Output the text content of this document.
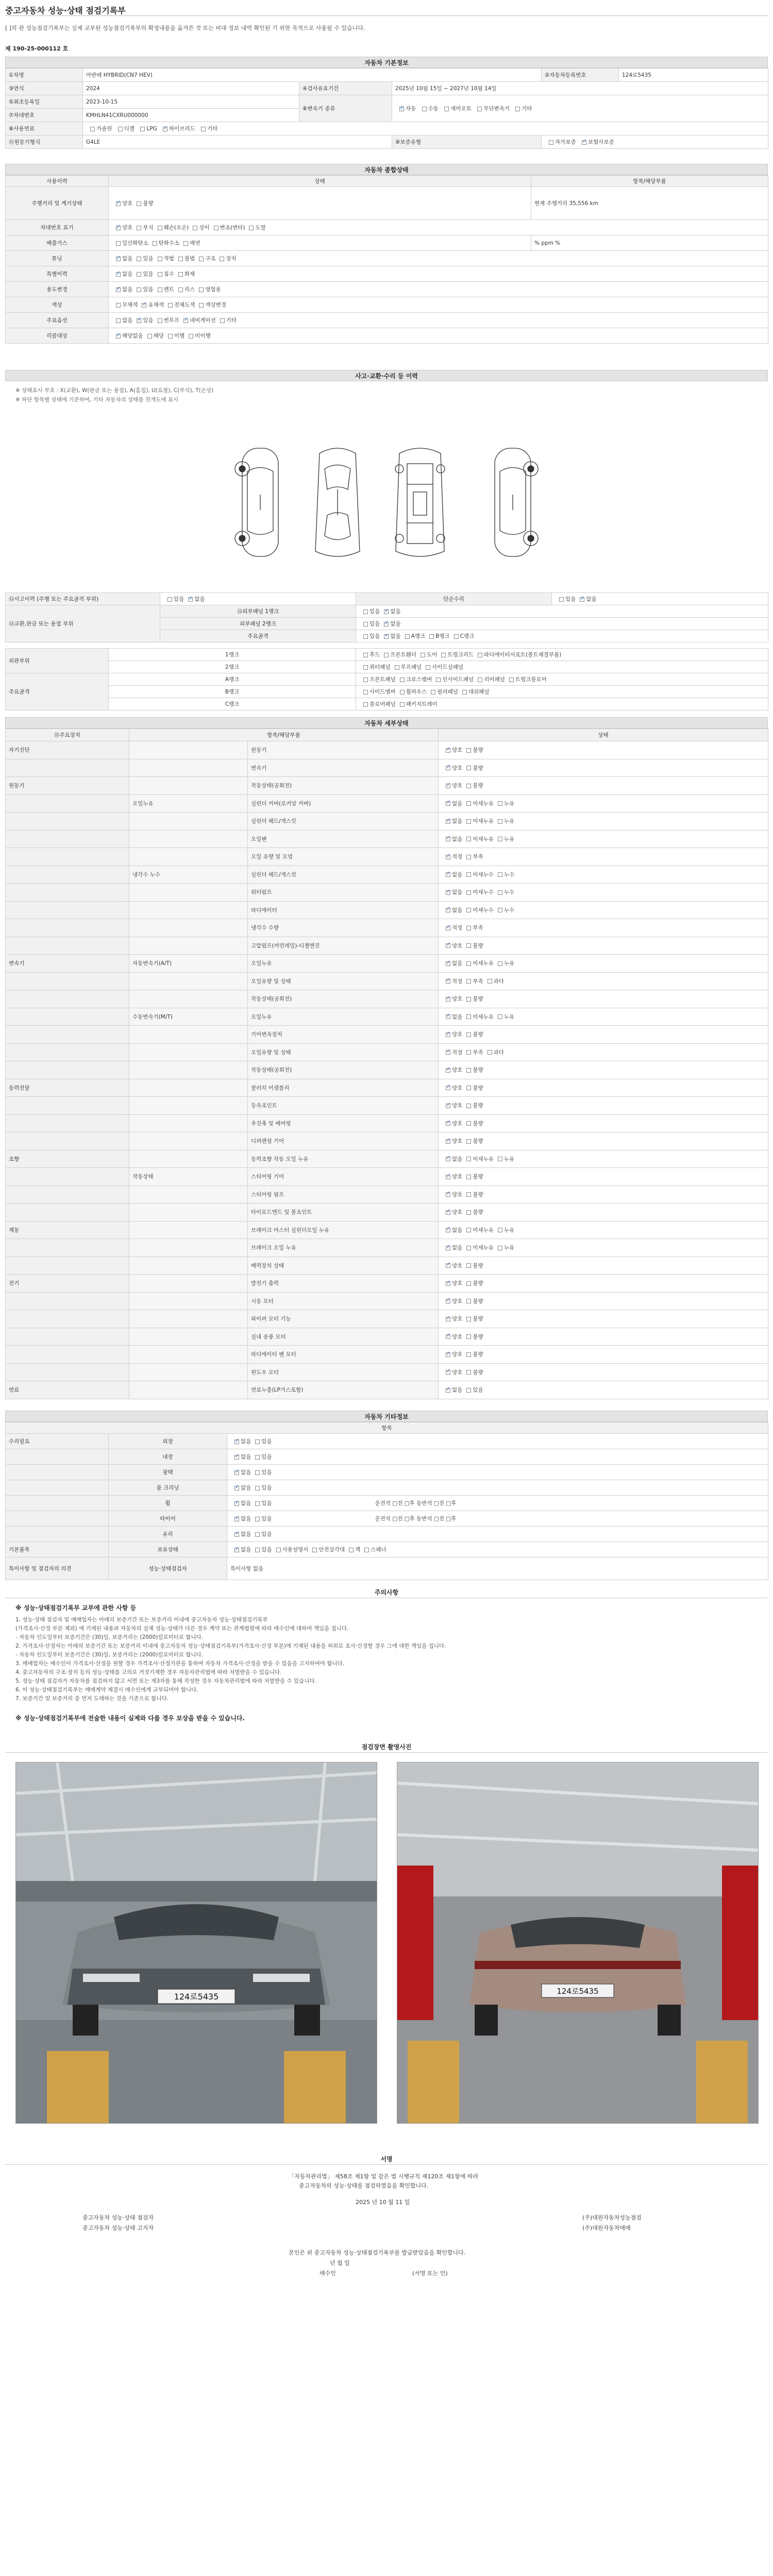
중고자동차 성능·상태 점검기록부
[ ]의 관 성능점검기록부는 실제 교부된 성능점검기록부의 확정내용을 옮겨쓴 것 또는 비대 정보 내역 확인된 기 위한 목적으로 사용될 수 있습니다.
제 190-25-000112 호
자동차 기본정보
①차명	아반떼 HYBRID(CN7 HEV)			②자동차등록번호	124로5435
③연식	2024	④검사유효기간	2025년 10월 15일 ~ 2027년 10월 14일		
⑤최초등록일	2023-10-15	⑥변속기 종류	✓자동 수동 세미오토 무단변속기 기타
⑦차대번호	KMHLN41CXRU000000				
⑧사용연료	가솔린 디젤 LPG ✓ 하이브리드 기타
⑪원동기형식	G4LE		⑨보증유형	자가보증 ✓ 보험사보증
자동차 종합상태
사용이력	상태	항목/해당부품
주행거리 및 계기상태	✓양호 불량	현재 주행거리 35,556 km
차대번호 표기	✓양호 부식 훼손(오손) 상이 변조(변타) 도말
배출가스	일산화탄소 탄화수소 매연	% ppm %
튜닝	✓없음 있음 적법 불법 구조 장치
특별이력	✓없음 있음 침수 화재
용도변경	✓없음 있음 렌트 리스 영업용
색상	무채색 ✓ 유채색 전체도색 색상변경
주요옵션	없음 ✓ 있음 썬루프 ✓ 네비게이션 기타
리콜대상	✓해당없음 해당 이행 미이행
사고·교환·수리 등 이력
※ 상태표시 부호 : X(교환), W(판금 또는 용접), A(흠집), U(요철), C(부식), T(손상)
※ 하단 항목별 상태에 기준하여, 기타 자동차의 상태를 전개도에 표시
⑫사고이력 (주행 또는 주요골격 부위)	있음 ✓ 없음	단순수리	있음 ✓ 없음
⑭교환,판금 또는 용접 부위	⑬외부패널 1랭크	있음 ✓ 없음
	외부패널 2랭크	있음 ✓ 없음
	주요골격	있음 ✓ 없음 A랭크 B랭크 C랭크
외판부위	1랭크	후드 프론트휀더 도어 트렁크리드 라디에이터서포트(볼트체결부품)
	2랭크	쿼터패널 루프패널 사이드실패널
주요골격	A랭크	프론트패널 크로스멤버 인사이드패널 리어패널 트렁크플로어
	B랭크	사이드멤버 휠하우스 필러패널 대쉬패널
	C랭크	플로어패널 패키지트레이
자동차 세부상태
⑮주요장치	항목/해당부품		상태
자기진단		원동기	✓양호 불량
		변속기	✓양호 불량
원동기		작동상태(공회전)	✓양호 불량
	오일누유	실린더 커버(로커암 커버)	✓없음 미세누유 누유
		실린더 헤드/개스킷	✓없음 미세누유 누유
		오일팬	✓없음 미세누유 누유
		오일 유량 및 오염	✓적정 부족
	냉각수 누수	실린더 헤드/개스킷	✓없음 미세누수 누수
		워터펌프	✓없음 미세누수 누수
		라디에이터	✓없음 미세누수 누수
		냉각수 수량	✓적정 부족
		고압펌프(커먼레일)-디젤엔진	✓양호 불량
변속기	자동변속기(A/T)	오일누유	✓없음 미세누유 누유
		오일유량 및 상태	✓적정 부족 과다
		작동상태(공회전)	✓양호 불량
	수동변속기(M/T)	오일누유	✓없음 미세누유 누유
		기어변속장치	✓양호 불량
		오일유량 및 상태	✓적정 부족 과다
		작동상태(공회전)	✓양호 불량
동력전달		클러치 어셈블리	✓양호 불량
		등속조인트	✓양호 불량
		추진축 및 베어링	✓양호 불량
		디퍼렌셜 기어	✓양호 불량
조향		동력조향 작동 오일 누유	✓없음 미세누유 누유
	작동상태	스티어링 기어	✓양호 불량
		스티어링 펌프	✓양호 불량
		타이로드엔드 및 볼조인트	✓양호 불량
제동		브레이크 마스터 실린더오일 누유	✓없음 미세누유 누유
		브레이크 오일 누유	✓없음 미세누유 누유
		배력장치 상태	✓양호 불량
전기		발전기 출력	✓양호 불량
		시동 모터	✓양호 불량
		와이퍼 모터 기능	✓양호 불량
		실내 송풍 모터	✓양호 불량
		라디에이터 팬 모터	✓양호 불량
		윈도우 모터	✓양호 불량
연료		연료누출(LP가스포함)	✓없음 있음
자동차 기타정보
항목		
수리필요	외장	✓없음 있음
	내장	✓없음 있음
	광택	✓없음 있음
	룸 크리닝	✓없음 있음
	휠	✓없음 있음 운전석 □전 □후 동반석 □전 □후
	타이어	✓없음 있음 운전석 □전 □후 동반석 □전 □후
	유리	✓없음 있음
기본품목	보유상태	✓없음 있음 사용설명서 안전삼각대 잭 스패너
특이사항 및 점검자의 의견	성능·상태점검자	특이사항 없음
주의사항
※ 성능·상태점검기록부 교부에 관한 사항 등

1. 성능·상태 점검자 및 매매업자는 아래의 보증기간 또는 보증거리 이내에 중고자동차 성능·상태점검기록부

(가격조사·산정 부분 제외) 에 기재된 내용과 자동차의 실제 성능·상태가 다른 경우 계약 또는 관계법령에 따라 매수인에 대하여 책임을 집니다.

- 자동차 인도일부터 보증기간은 (30)일, 보증거리는 (2000)킬로미터로 합니다.

2. 가격조사·산정자는 아래의 보증기간 또는 보증거리 이내에 중고자동차 성능·상태점검기록부(가격조사·산정 부분)에 기재된 내용을 허위로 조사·산정할 경우 그에 대한 책임을 집니다.

- 자동차 인도일부터 보증기간은 (30)일, 보증거리는 (2000)킬로미터로 합니다.

3. 매매업자는 매수인이 가격조사·산정을 원할 경우 가격조사·산정기관을 통하여 자동차 가격조사·산정을 받을 수 있음을 고지하여야 합니다.

4. 중고자동차의 구조·장치 등의 성능·상태를 고의로 거짓기재한 경우 자동차관리법에 따라 처벌받을 수 있습니다.

5. 성능·상태 점검자가 자동차를 점검하지 않고 서면 또는 제3자를 통해 작성한 경우 자동차관리법에 따라 처벌받을 수 있습니다.

6. 이 성능·상태점검기록부는 매매계약 체결시 매수인에게 교부되어야 합니다.

7. 보증기간 및 보증거리 중 먼저 도래하는 것을 기준으로 합니다.

※ 성능·상태점검기록부에 전술한 내용이 실제와 다를 경우 보상을 받을 수 있습니다.
점검장면 촬영사진
124로5435
124로5435
서명
「자동차관리법」 제58조 제1항 및 같은 법 시행규칙 제120조 제1항에 따라
중고자동차의 성능·상태를 점검하였음을 확인합니다.
2025 년 10 월 11 일
중고자동차 성능·상태 점검자	(주)대원자동차성능점검
중고자동차 성능·상태 고지자	(주)대원자동차매매
본인은 위 중고자동차 성능·상태점검기록부를 발급받았음을 확인합니다.
년 월 일
매수인	(서명 또는 인)
